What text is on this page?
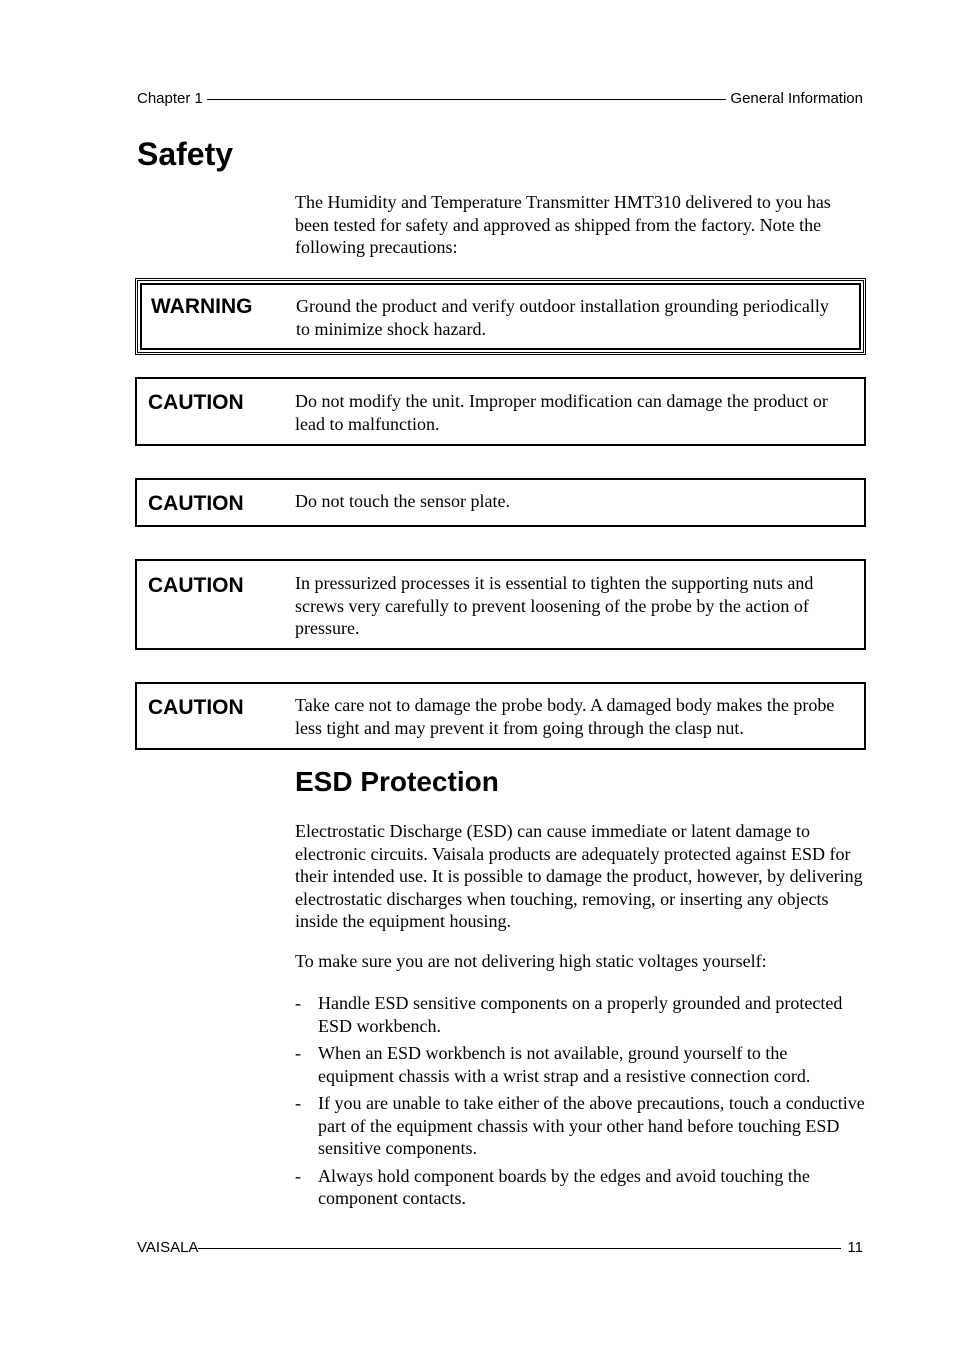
Chapter 1	General Information
Safety

The Humidity and Temperature Transmitter HMT310 delivered to you has been tested for safety and approved as shipped from the factory. Note the following precautions:

WARNING Ground the product and verify outdoor installation grounding periodically to minimize shock hazard.

CAUTION	Do not modify the unit. Improper modification can damage the product or lead to malfunction.

CAUTION	Do not touch the sensor plate.

CAUTION	In pressurized processes it is essential to tighten the supporting nuts and screws very carefully to prevent loosening of the probe by the action of pressure.

CAUTION	Take care not to damage the probe body. A damaged body makes the probe less tight and may prevent it from going through the clasp nut.

ESD Protection

Electrostatic Discharge (ESD) can cause immediate or latent damage to electronic circuits. Vaisala products are adequately protected against ESD for their intended use. It is possible to damage the product, however, by delivering electrostatic discharges when touching, removing, or inserting any objects inside the equipment housing.

To make sure you are not delivering high static voltages yourself:

- Handle ESD sensitive components on a properly grounded and protected ESD workbench.
- When an ESD workbench is not available, ground yourself to the equipment chassis with a wrist strap and a resistive connection cord.
- If you are unable to take either of the above precautions, touch a conductive part of the equipment chassis with your other hand before touching ESD sensitive components.
- Always hold component boards by the edges and avoid touching the component contacts.
VAISALA	11
